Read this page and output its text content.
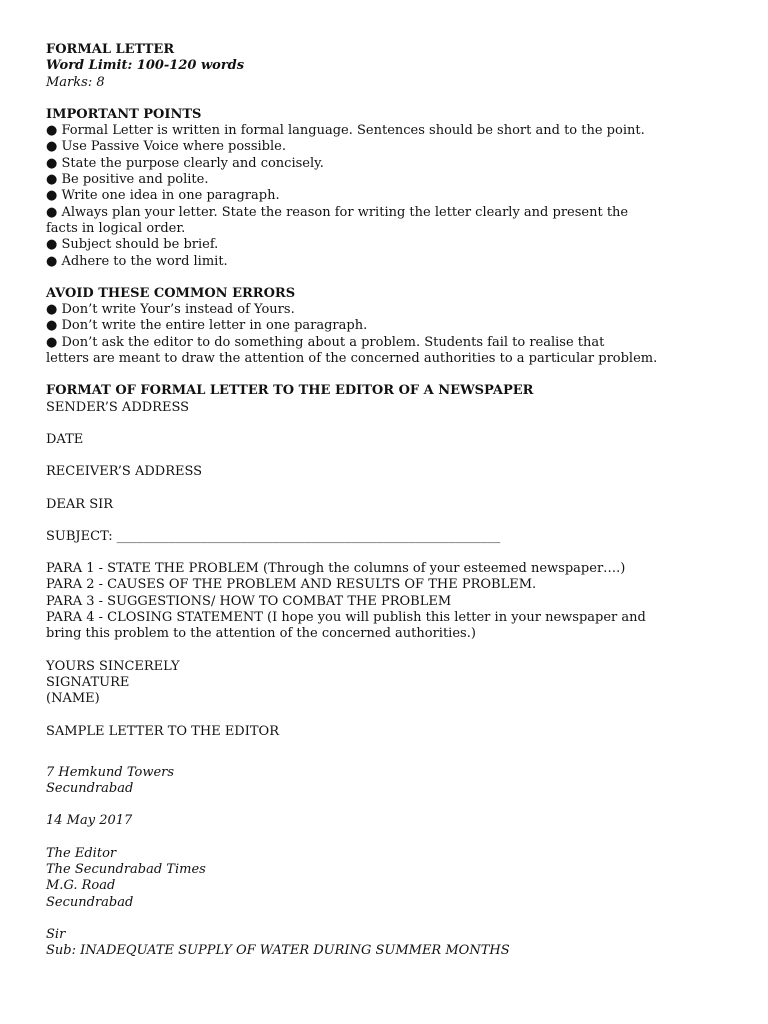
FORMAL LETTER
Word Limit: 100-120 words
Marks: 8
IMPORTANT POINTS
● Formal Letter is written in formal language. Sentences should be short and to the point.
● Use Passive Voice where possible.
● State the purpose clearly and concisely.
● Be positive and polite.
● Write one idea in one paragraph.
● Always plan your letter. State the reason for writing the letter clearly and present the
facts in logical order.
● Subject should be brief.
● Adhere to the word limit.
AVOID THESE COMMON ERRORS
● Don’t write Your’s instead of Yours.
● Don’t write the entire letter in one paragraph.
● Don’t ask the editor to do something about a problem. Students fail to realise that
letters are meant to draw the attention of the concerned authorities to a particular problem.
FORMAT OF FORMAL LETTER TO THE EDITOR OF A NEWSPAPER
SENDER’S ADDRESS
DATE
RECEIVER’S ADDRESS
DEAR SIR
SUBJECT: ___________________________________________________________
PARA 1 - STATE THE PROBLEM (Through the columns of your esteemed newspaper….)
PARA 2 - CAUSES OF THE PROBLEM AND RESULTS OF THE PROBLEM.
PARA 3 - SUGGESTIONS/ HOW TO COMBAT THE PROBLEM
PARA 4 - CLOSING STATEMENT (I hope you will publish this letter in your newspaper and
bring this problem to the attention of the concerned authorities.)
YOURS SINCERELY
SIGNATURE
(NAME)
SAMPLE LETTER TO THE EDITOR
7 Hemkund Towers
Secundrabad
14 May 2017
The Editor
The Secundrabad Times
M.G. Road
Secundrabad
Sir
Sub: INADEQUATE SUPPLY OF WATER DURING SUMMER MONTHS
